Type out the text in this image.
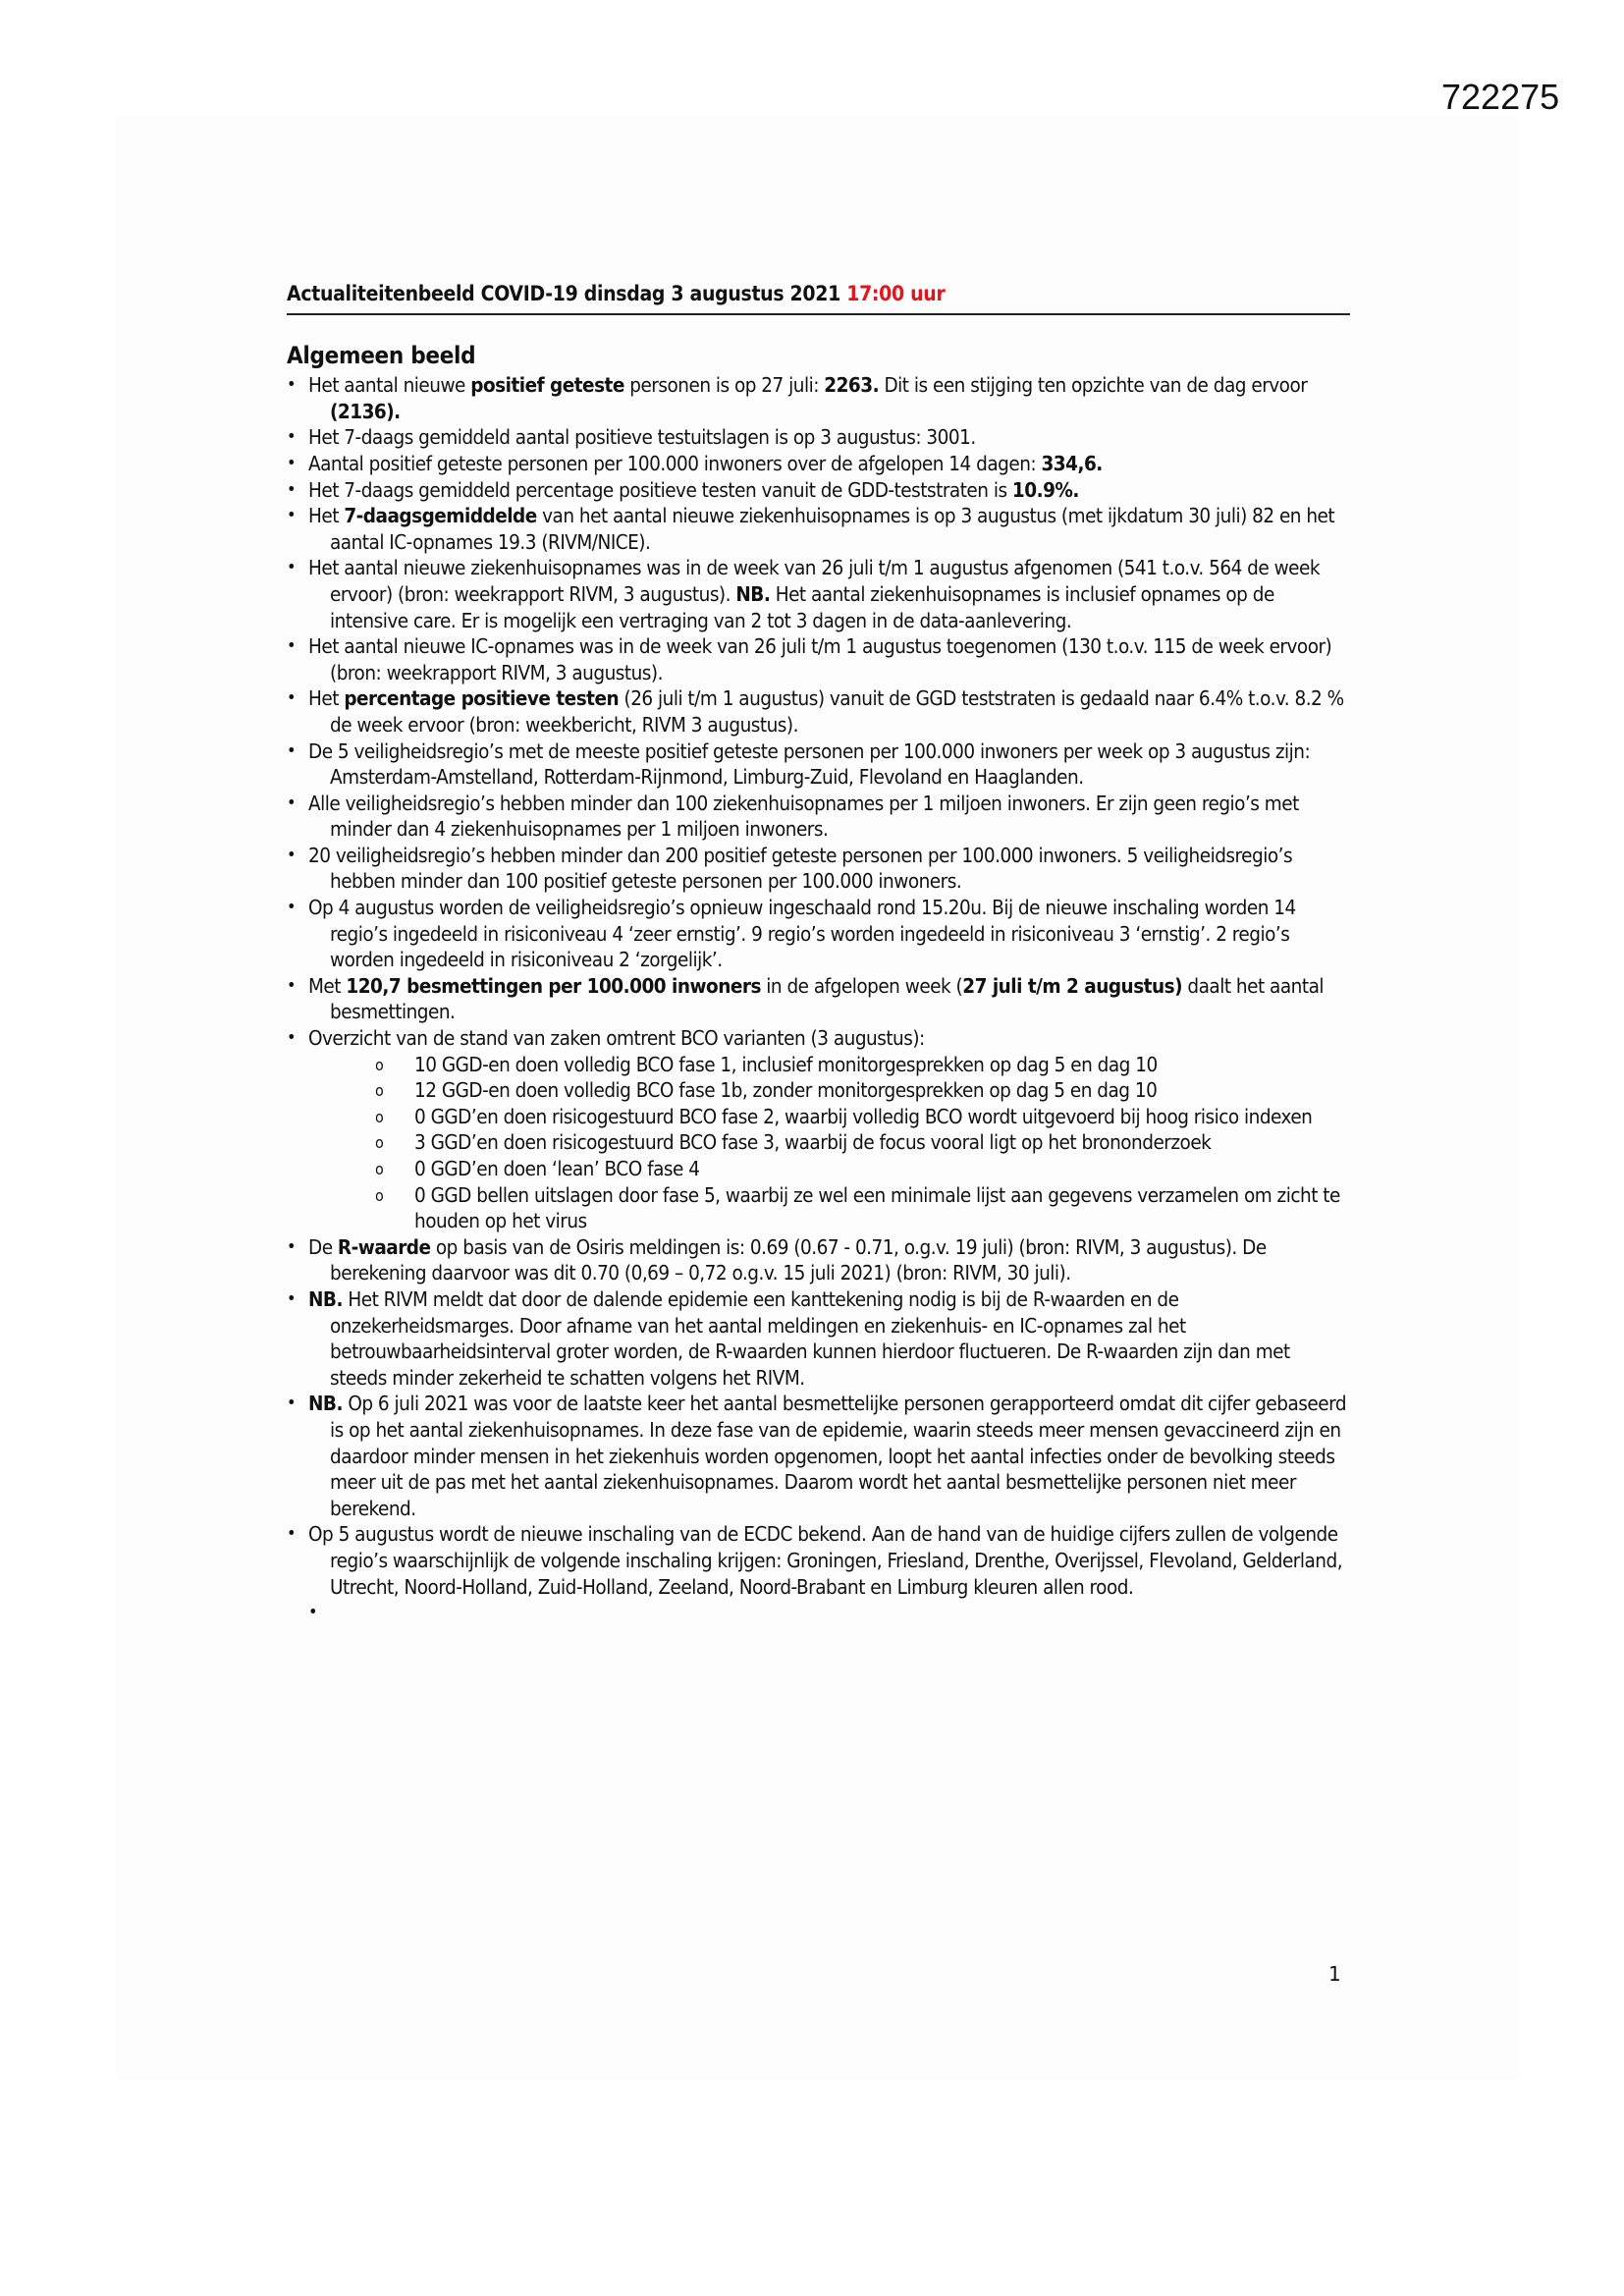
722275
Actualiteitenbeeld COVID-19 dinsdag 3 augustus 2021 17:00 uur
Algemeen beeld

• Het aantal nieuwe positief geteste personen is op 27 juli: 2263. Dit is een stijging ten opzichte van de dag ervoor (2136).

• Het 7-daags gemiddeld aantal positieve testuitslagen is op 3 augustus: 3001.

• Aantal positief geteste personen per 100.000 inwoners over de afgelopen 14 dagen: 334,6.

• Het 7-daags gemiddeld percentage positieve testen vanuit de GDD-teststraten is 10.9%.

• Het 7-daagsgemiddelde van het aantal nieuwe ziekenhuisopnames is op 3 augustus (met ijkdatum 30 juli) 82 en het aantal IC-opnames 19.3 (RIVM/NICE).

• Het aantal nieuwe ziekenhuisopnames was in de week van 26 juli t/m 1 augustus afgenomen (541 t.o.v. 564 de week ervoor) (bron: weekrapport RIVM, 3 augustus). NB. Het aantal ziekenhuisopnames is inclusief opnames op de intensive care. Er is mogelijk een vertraging van 2 tot 3 dagen in de data-aanlevering.

• Het aantal nieuwe IC-opnames was in de week van 26 juli t/m 1 augustus toegenomen (130 t.o.v. 115 de week ervoor) (bron: weekrapport RIVM, 3 augustus).

• Het percentage positieve testen (26 juli t/m 1 augustus) vanuit de GGD teststraten is gedaald naar 6.4% t.o.v. 8.2 % de week ervoor (bron: weekbericht, RIVM 3 augustus).

• De 5 veiligheidsregio’s met de meeste positief geteste personen per 100.000 inwoners per week op 3 augustus zijn: Amsterdam-Amstelland, Rotterdam-Rijnmond, Limburg-Zuid, Flevoland en Haaglanden.

• Alle veiligheidsregio’s hebben minder dan 100 ziekenhuisopnames per 1 miljoen inwoners. Er zijn geen regio’s met minder dan 4 ziekenhuisopnames per 1 miljoen inwoners.

• 20 veiligheidsregio’s hebben minder dan 200 positief geteste personen per 100.000 inwoners. 5 veiligheidsregio’s hebben minder dan 100 positief geteste personen per 100.000 inwoners.

• Op 4 augustus worden de veiligheidsregio’s opnieuw ingeschaald rond 15.20u. Bij de nieuwe inschaling worden 14 regio’s ingedeeld in risiconiveau 4 ‘zeer ernstig’. 9 regio’s worden ingedeeld in risiconiveau 3 ‘ernstig’. 2 regio’s worden ingedeeld in risiconiveau 2 ‘zorgelijk’.

• Met 120,7 besmettingen per 100.000 inwoners in de afgelopen week (27 juli t/m 2 augustus) daalt het aantal besmettingen.

• Overzicht van de stand van zaken omtrent BCO varianten (3 augustus):

o 10 GGD-en doen volledig BCO fase 1, inclusief monitorgesprekken op dag 5 en dag 10
o 12 GGD-en doen volledig BCO fase 1b, zonder monitorgesprekken op dag 5 en dag 10
o 0 GGD’en doen risicogestuurd BCO fase 2, waarbij volledig BCO wordt uitgevoerd bij hoog risico indexen
o 3 GGD’en doen risicogestuurd BCO fase 3, waarbij de focus vooral ligt op het brononderzoek
o 0 GGD’en doen ‘lean’ BCO fase 4
o 0 GGD bellen uitslagen door fase 5, waarbij ze wel een minimale lijst aan gegevens verzamelen om zicht te houden op het virus

• De R-waarde op basis van de Osiris meldingen is: 0.69 (0.67 - 0.71, o.g.v. 19 juli) (bron: RIVM, 3 augustus). De berekening daarvoor was dit 0.70 (0,69 – 0,72 o.g.v. 15 juli 2021) (bron: RIVM, 30 juli).

• NB. Het RIVM meldt dat door de dalende epidemie een kanttekening nodig is bij de R-waarden en de onzekerheidsmarges. Door afname van het aantal meldingen en ziekenhuis- en IC-opnames zal het betrouwbaarheidsinterval groter worden, de R-waarden kunnen hierdoor fluctueren. De R-waarden zijn dan met steeds minder zekerheid te schatten volgens het RIVM.

• NB. Op 6 juli 2021 was voor de laatste keer het aantal besmettelijke personen gerapporteerd omdat dit cijfer gebaseerd is op het aantal ziekenhuisopnames. In deze fase van de epidemie, waarin steeds meer mensen gevaccineerd zijn en daardoor minder mensen in het ziekenhuis worden opgenomen, loopt het aantal infecties onder de bevolking steeds meer uit de pas met het aantal ziekenhuisopnames. Daarom wordt het aantal besmettelijke personen niet meer berekend.

• Op 5 augustus wordt de nieuwe inschaling van de ECDC bekend. Aan de hand van de huidige cijfers zullen de volgende regio’s waarschijnlijk de volgende inschaling krijgen: Groningen, Friesland, Drenthe, Overijssel, Flevoland, Gelderland, Utrecht, Noord-Holland, Zuid-Holland, Zeeland, Noord-Brabant en Limburg kleuren allen rood.

•

1
